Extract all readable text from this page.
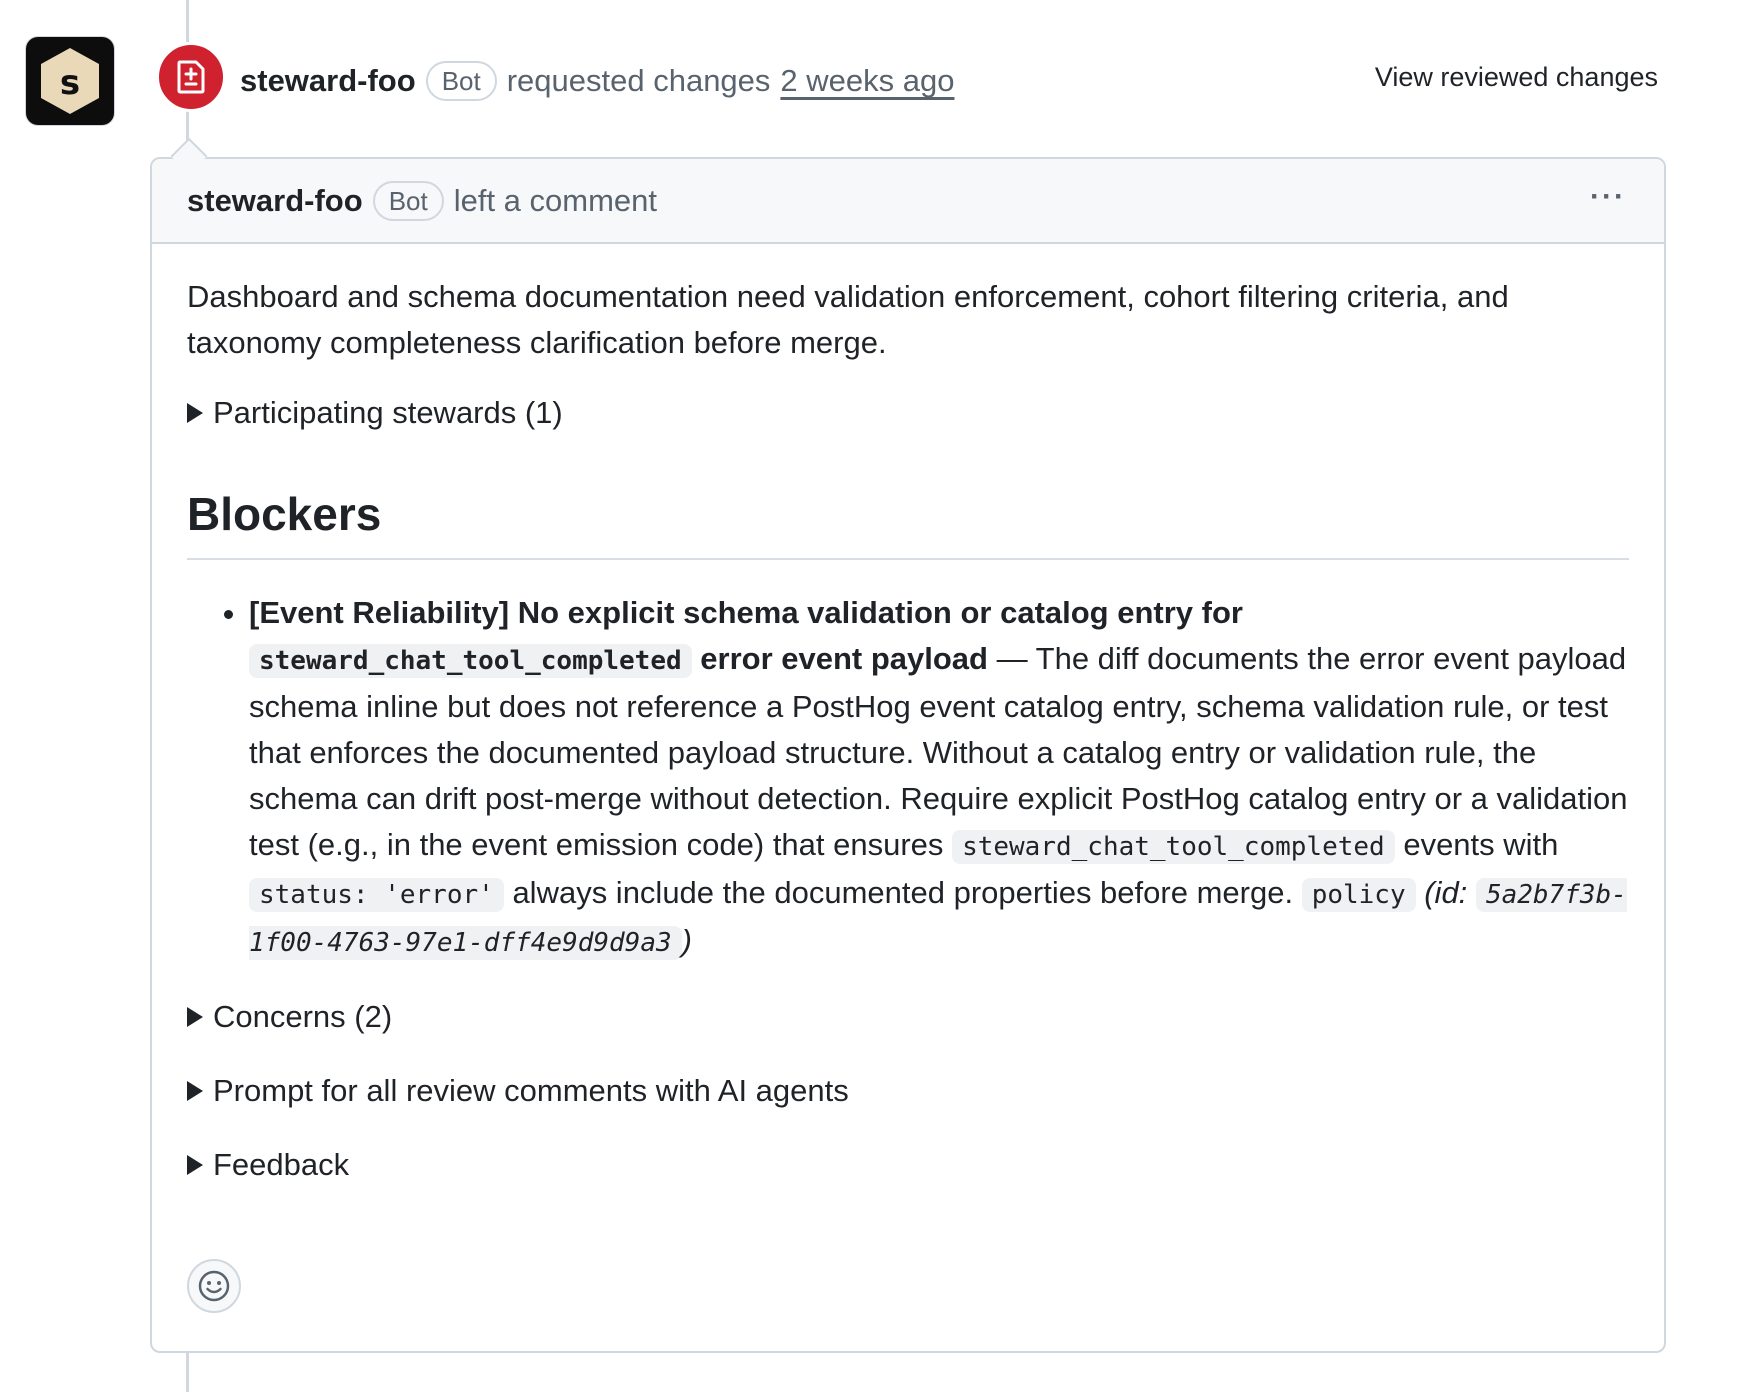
s	steward-foo	Bot requested changes 2 weeks ago	View reviewed changes
steward-foo	Bot left a comment	···

Dashboard and schema documentation need validation enforcement, cohort filtering criteria, and taxonomy completeness clarification before merge.

Participating stewards (1)
Blockers
• [Event Reliability] No explicit schema validation or catalog entry for steward_chat_tool_completed error event payload — The diff documents the error event payload schema inline but does not reference a PostHog event catalog entry, schema validation rule, or test that enforces the documented payload structure. Without a catalog entry or validation rule, the schema can drift post-merge without detection. Require explicit PostHog catalog entry or a validation test (e.g., in the event emission code) that ensures steward_chat_tool_completed events with status: 'error' always include the documented properties before merge. policy (id: 5a2b7f3b-1f00-4763-97e1-dff4e9d9d9a3 )
Concerns (2)
Prompt for all review comments with AI agents
Feedback
